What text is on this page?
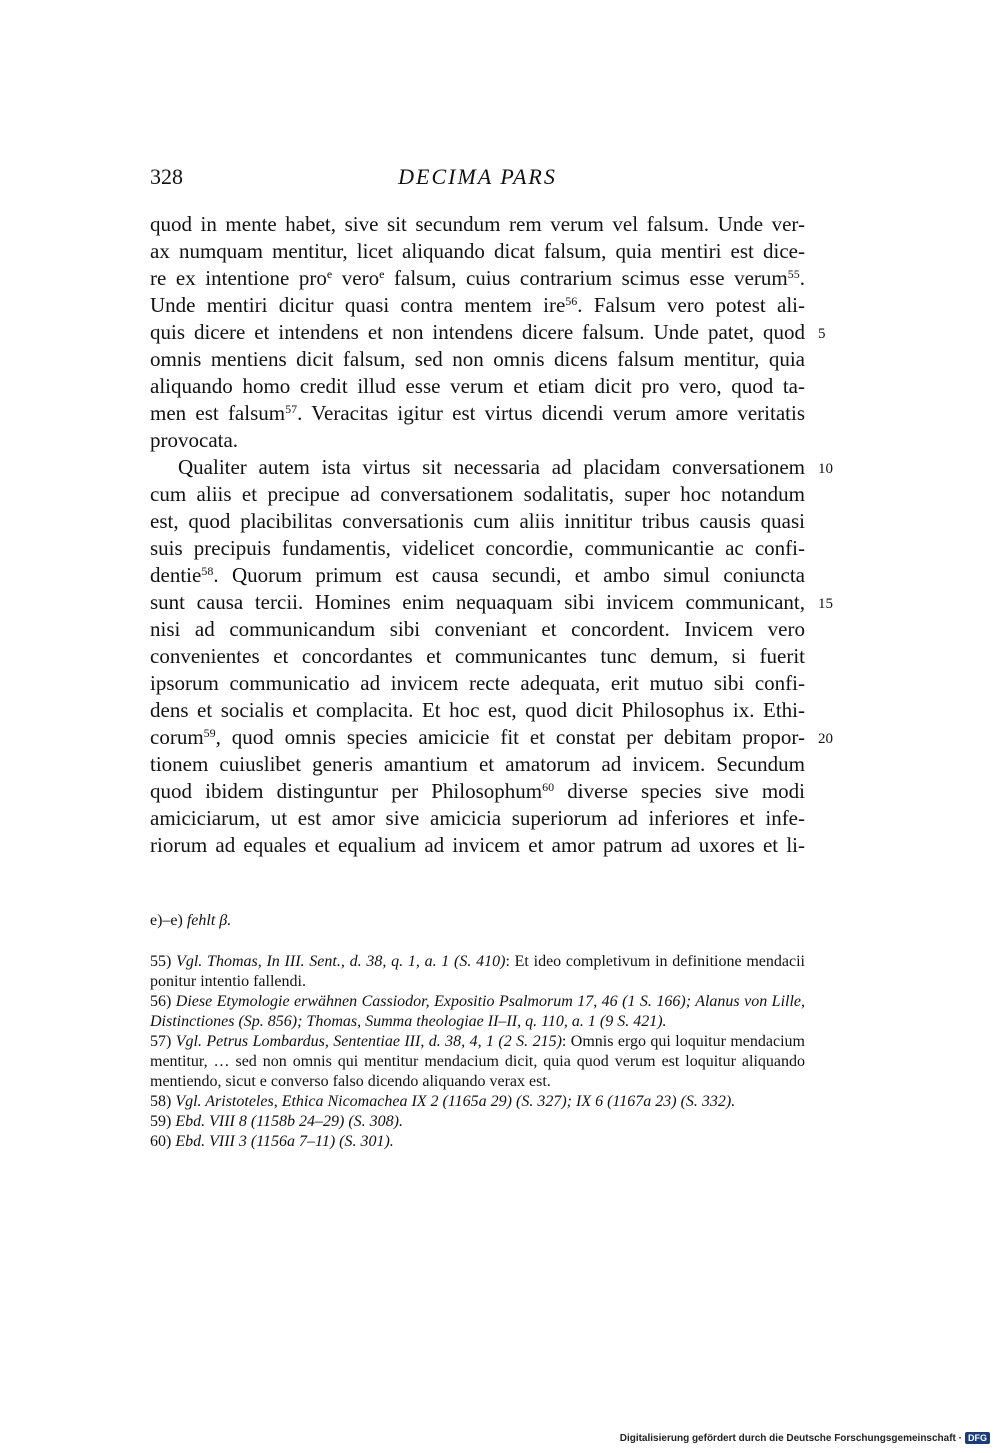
328	DECIMA PARS
quod in mente habet, sive sit secundum rem verum vel falsum. Unde ver-
ax numquam mentitur, licet aliquando dicat falsum, quia mentiri est dice-
re ex intentione pro$^e$ vero$^e$ falsum, cuius contrarium scimus esse verum$^{55}$.
Unde mentiri dicitur quasi contra mentem ire$^{56}$. Falsum vero potest ali-
quis dicere et intendens et non intendens dicere falsum. Unde patet, quod
omnis mentiens dicit falsum, sed non omnis dicens falsum mentitur, quia
aliquando homo credit illud esse verum et etiam dicit pro vero, quod ta-
men est falsum$^{57}$. Veracitas igitur est virtus dicendi verum amore veritatis
provocata.
Qualiter autem ista virtus sit necessaria ad placidam conversationem
cum aliis et precipue ad conversationem sodalitatis, super hoc notandum
est, quod placibilitas conversationis cum aliis innititur tribus causis quasi
suis precipuis fundamentis, videlicet concordie, communicantie ac confi-
dentie$^{58}$. Quorum primum est causa secundi, et ambo simul coniuncta
sunt causa tercii. Homines enim nequaquam sibi invicem communicant,
nisi ad communicandum sibi conveniant et concordent. Invicem vero
convenientes et concordantes et communicantes tunc demum, si fuerit
ipsorum communicatio ad invicem recte adequata, erit mutuo sibi confi-
dens et socialis et complacita. Et hoc est, quod dicit Philosophus ix. Ethi-
corum$^{59}$, quod omnis species amicicie fit et constat per debitam propor-
tionem cuiuslibet generis amantium et amatorum ad invicem. Secundum
quod ibidem distinguntur per Philosophum$^{60}$ diverse species sive modi
amiciciarum, ut est amor sive amicicia superiorum ad inferiores et infe-
riorum ad equales et equalium ad invicem et amor patrum ad uxores et li-
5
10
15
20
e)–e) fehlt β.

55) Vgl. Thomas, In III. Sent., d. 38, q. 1, a. 1 (S. 410): Et ideo completivum in definitione mendacii ponitur intentio fallendi.

56) Diese Etymologie erwähnen Cassiodor, Expositio Psalmorum 17, 46 (1 S. 166); Alanus von Lille, Distinctiones (Sp. 856); Thomas, Summa theologiae II–II, q. 110, a. 1 (9 S. 421).

57) Vgl. Petrus Lombardus, Sententiae III, d. 38, 4, 1 (2 S. 215): Omnis ergo qui loquitur mendacium mentitur, … sed non omnis qui mentitur mendacium dicit, quia quod verum est loquitur aliquando mentiendo, sicut e converso falso dicendo aliquando verax est.

58) Vgl. Aristoteles, Ethica Nicomachea IX 2 (1165a 29) (S. 327); IX 6 (1167a 23) (S. 332).

59) Ebd. VIII 8 (1158b 24–29) (S. 308).

60) Ebd. VIII 3 (1156a 7–11) (S. 301).

Digitalisierung gefördert durch die Deutsche Forschungsgemeinschaft · DFG
